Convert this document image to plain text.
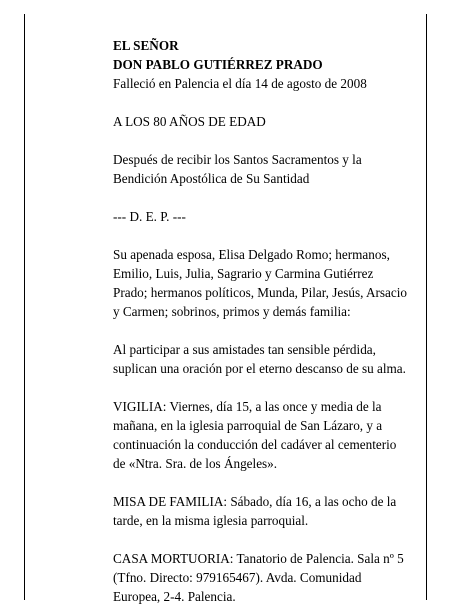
EL SEÑOR
DON PABLO GUTIÉRREZ PRADO
Falleció en Palencia el día 14 de agosto de 2008
A LOS 80 AÑOS DE EDAD
Después de recibir los Santos Sacramentos y la
Bendición Apostólica de Su Santidad
--- D. E. P. ---
Su apenada esposa, Elisa Delgado Romo; hermanos,
Emilio, Luis, Julia, Sagrario y Carmina Gutiérrez
Prado; hermanos políticos, Munda, Pilar, Jesús, Arsacio
y Carmen; sobrinos, primos y demás familia:
Al participar a sus amistades tan sensible pérdida,
suplican una oración por el eterno descanso de su alma.
VIGILIA: Viernes, día 15, a las once y media de la
mañana, en la iglesia parroquial de San Lázaro, y a
continuación la conducción del cadáver al cementerio
de «Ntra. Sra. de los Ángeles».
MISA DE FAMILIA: Sábado, día 16, a las ocho de la
tarde, en la misma iglesia parroquial.
CASA MORTUORIA: Tanatorio de Palencia. Sala nº 5
(Tfno. Directo: 979165467). Avda. Comunidad
Europea, 2-4. Palencia.
